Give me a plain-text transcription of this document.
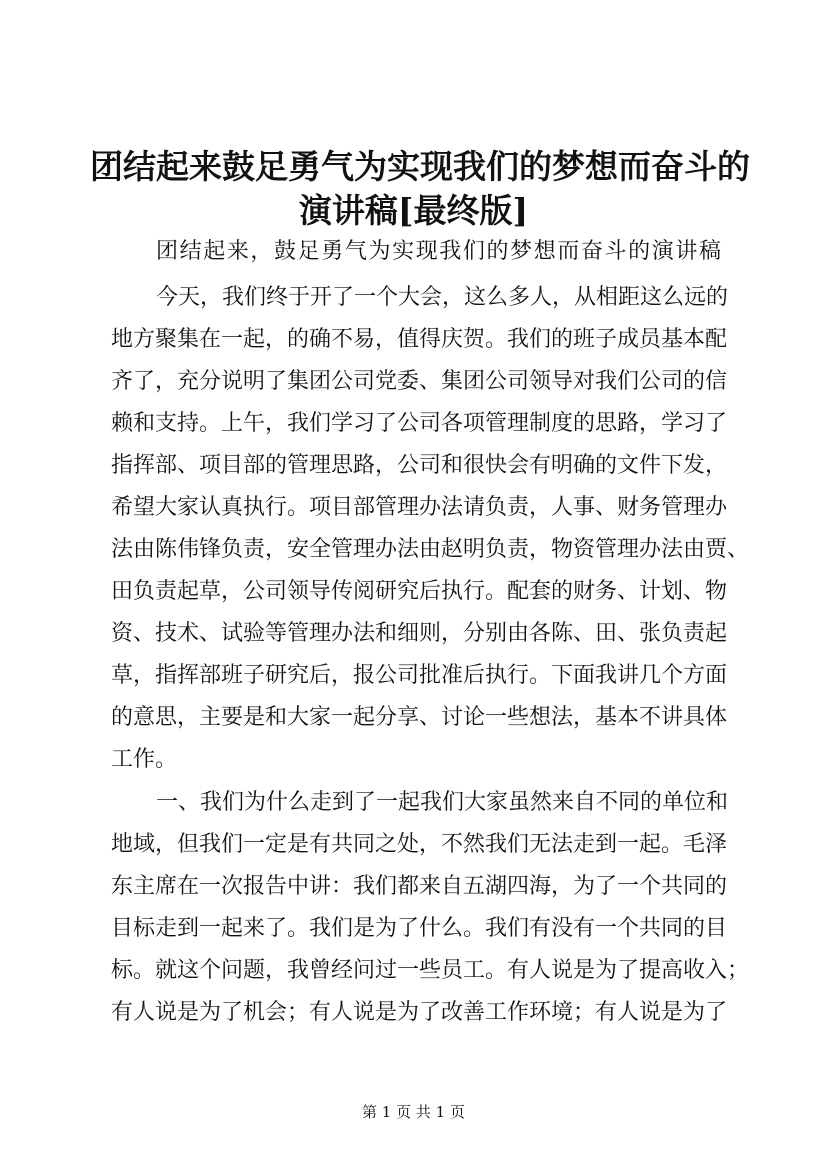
团结起来鼓足勇气为实现我们的梦想而奋斗的
演讲稿[最终版]
团结起来，鼓足勇气为实现我们的梦想而奋斗的演讲稿
今天，我们终于开了一个大会，这么多人，从相距这么远的
地方聚集在一起，的确不易，值得庆贺。我们的班子成员基本配
齐了，充分说明了集团公司党委、集团公司领导对我们公司的信
赖和支持。上午，我们学习了公司各项管理制度的思路，学习了
指挥部、项目部的管理思路，公司和很快会有明确的文件下发，
希望大家认真执行。项目部管理办法请负责，人事、财务管理办
法由陈伟锋负责，安全管理办法由赵明负责，物资管理办法由贾、
田负责起草，公司领导传阅研究后执行。配套的财务、计划、物
资、技术、试验等管理办法和细则，分别由各陈、田、张负责起
草，指挥部班子研究后，报公司批准后执行。下面我讲几个方面
的意思，主要是和大家一起分享、讨论一些想法，基本不讲具体
工作。
一、我们为什么走到了一起我们大家虽然来自不同的单位和
地域，但我们一定是有共同之处，不然我们无法走到一起。毛泽
东主席在一次报告中讲：我们都来自五湖四海，为了一个共同的
目标走到一起来了。我们是为了什么。我们有没有一个共同的目
标。就这个问题，我曾经问过一些员工。有人说是为了提高收入；
有人说是为了机会；有人说是为了改善工作环境；有人说是为了
第 1 页 共 1 页
